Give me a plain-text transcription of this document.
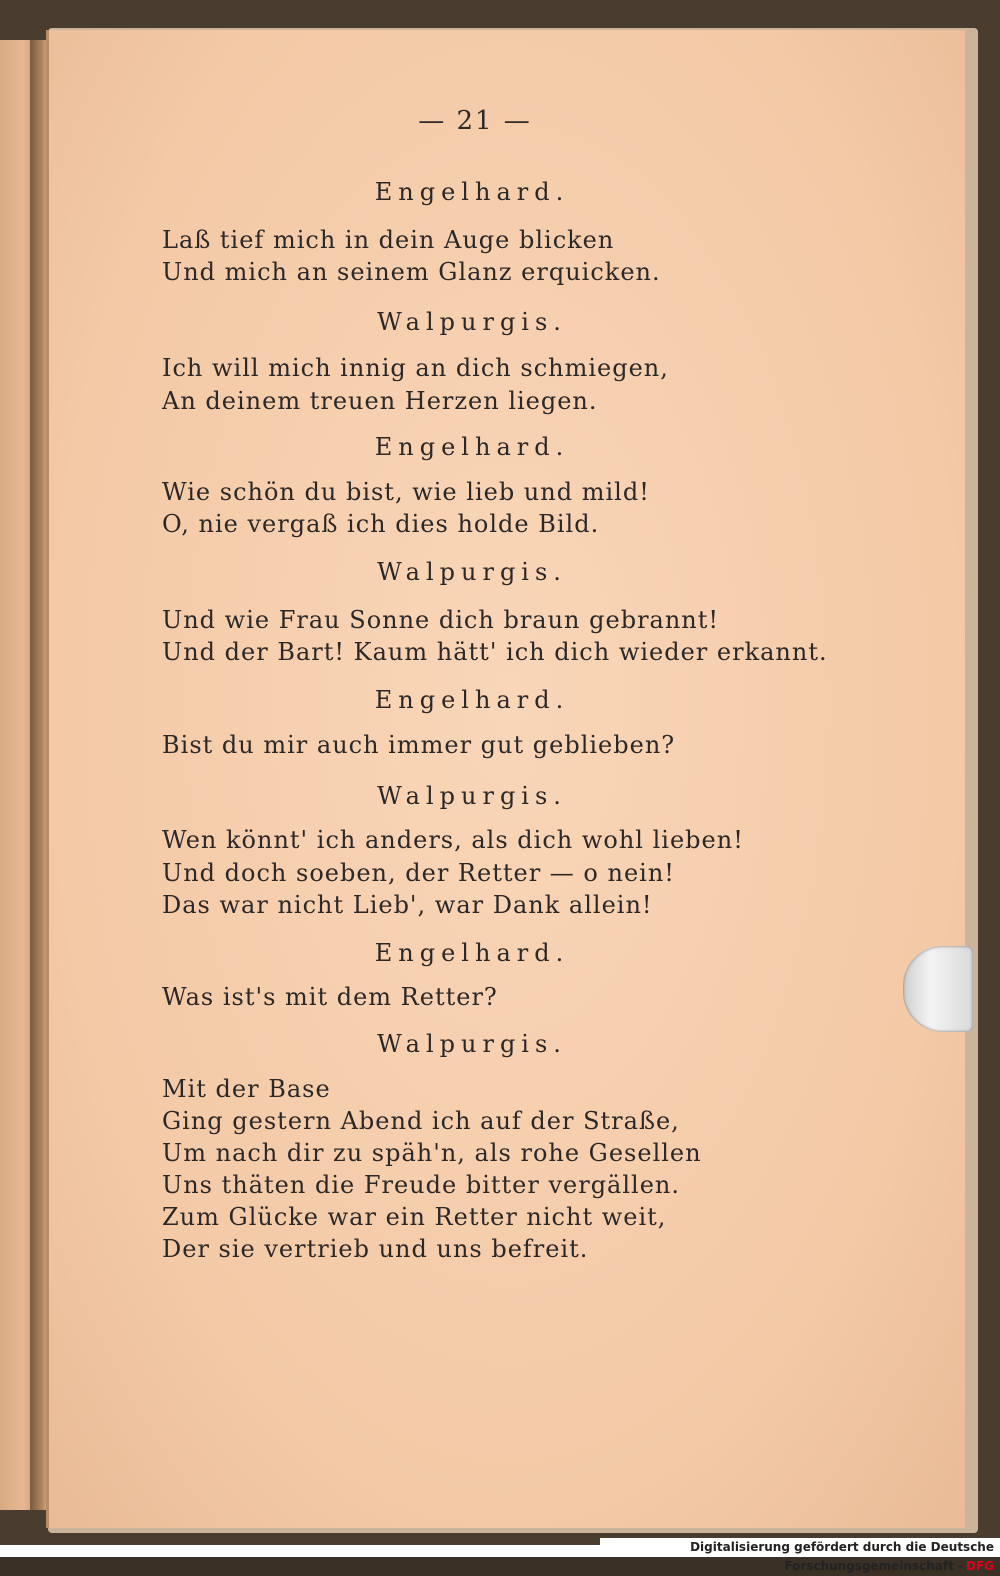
— 21 —
Engelhard.
Laß tief mich in dein Auge blicken
Und mich an seinem Glanz erquicken.
Walpurgis.
Ich will mich innig an dich schmiegen,
An deinem treuen Herzen liegen.
Engelhard.
Wie schön du bist, wie lieb und mild!
O, nie vergaß ich dies holde Bild.
Walpurgis.
Und wie Frau Sonne dich braun gebrannt!
Und der Bart! Kaum hätt' ich dich wieder erkannt.
Engelhard.
Bist du mir auch immer gut geblieben?
Walpurgis.
Wen könnt' ich anders, als dich wohl lieben!
Und doch soeben, der Retter — o nein!
Das war nicht Lieb', war Dank allein!
Engelhard.
Was ist's mit dem Retter?
Walpurgis.
Mit der Base
Ging gestern Abend ich auf der Straße,
Um nach dir zu späh'n, als rohe Gesellen
Uns thäten die Freude bitter vergällen.
Zum Glücke war ein Retter nicht weit,
Der sie vertrieb und uns befreit.
Digitalisierung gefördert durch die Deutsche Forschungsgemeinschaft - DFG
